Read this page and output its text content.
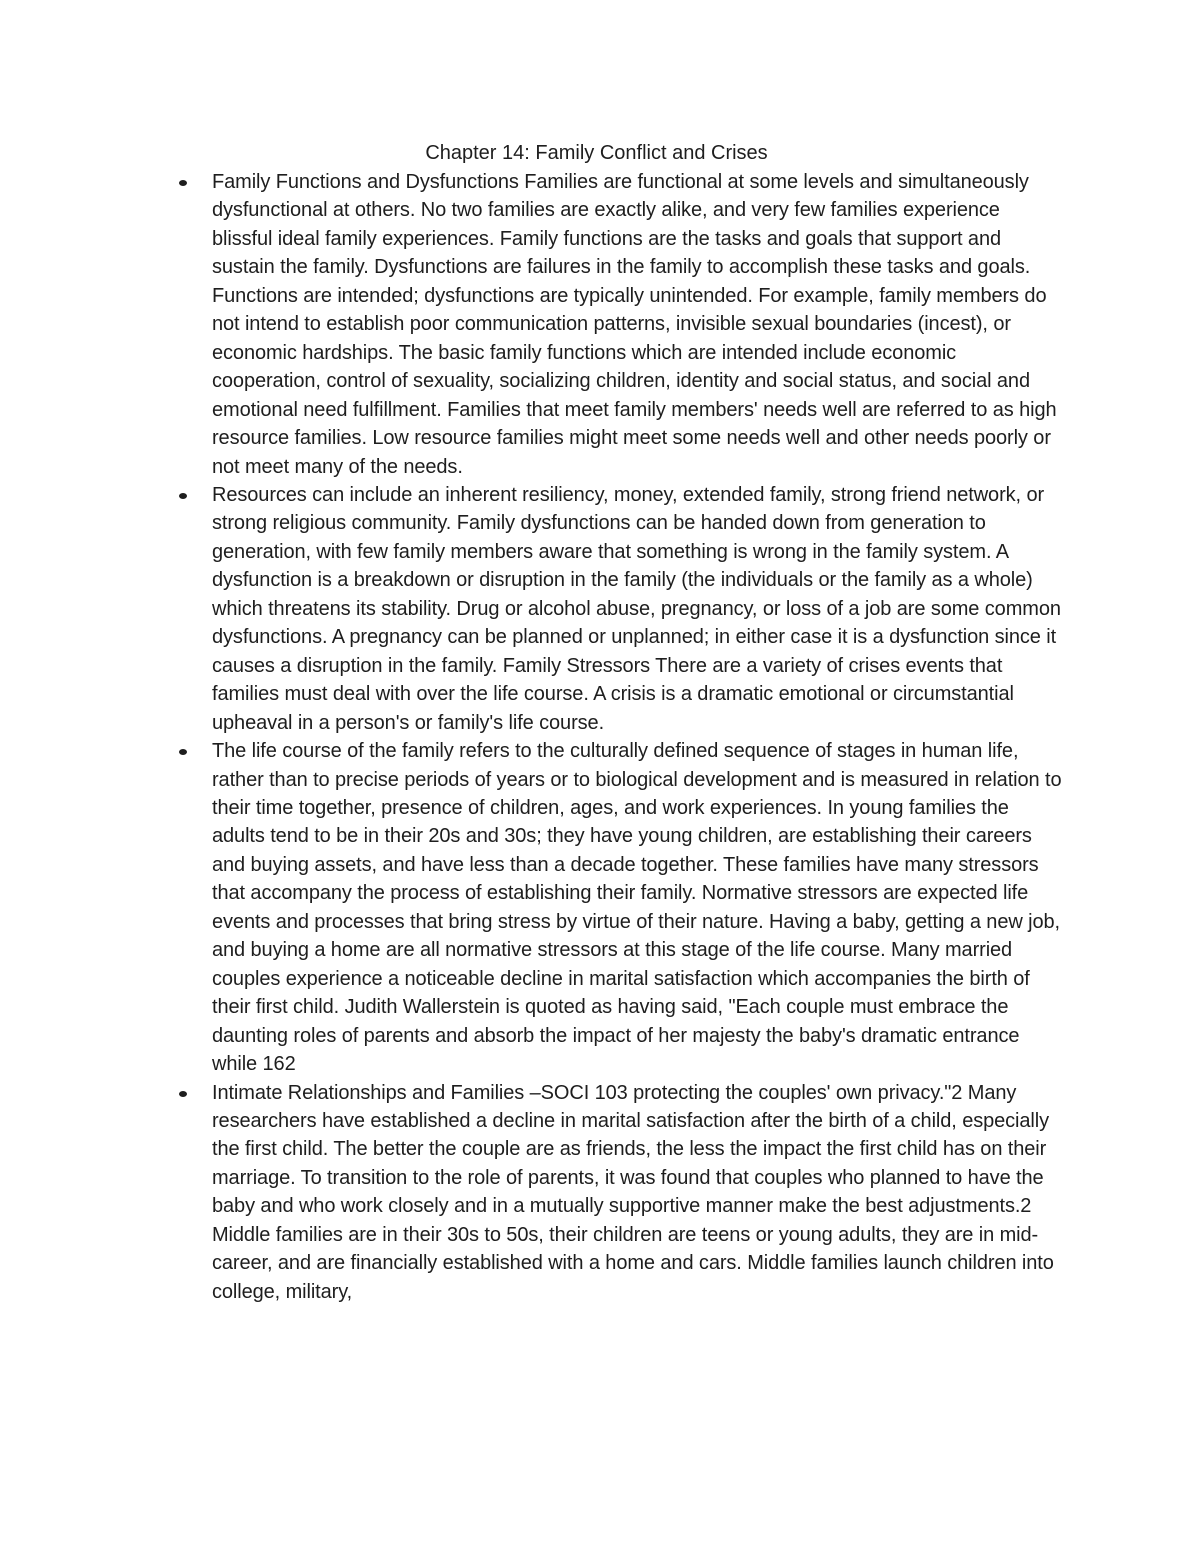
Chapter 14: Family Conflict and Crises
Family Functions and Dysfunctions Families are functional at some levels and simultaneously dysfunctional at others. No two families are exactly alike, and very few families experience blissful ideal family experiences. Family functions are the tasks and goals that support and sustain the family. Dysfunctions are failures in the family to accomplish these tasks and goals. Functions are intended; dysfunctions are typically unintended. For example, family members do not intend to establish poor communication patterns, invisible sexual boundaries (incest), or economic hardships. The basic family functions which are intended include economic cooperation, control of sexuality, socializing children, identity and social status, and social and emotional need fulfillment. Families that meet family members' needs well are referred to as high resource families. Low resource families might meet some needs well and other needs poorly or not meet many of the needs.
Resources can include an inherent resiliency, money, extended family, strong friend network, or strong religious community. Family dysfunctions can be handed down from generation to generation, with few family members aware that something is wrong in the family system. A dysfunction is a breakdown or disruption in the family (the individuals or the family as a whole) which threatens its stability. Drug or alcohol abuse, pregnancy, or loss of a job are some common dysfunctions. A pregnancy can be planned or unplanned; in either case it is a dysfunction since it causes a disruption in the family. Family Stressors There are a variety of crises events that families must deal with over the life course. A crisis is a dramatic emotional or circumstantial upheaval in a person's or family's life course.
The life course of the family refers to the culturally defined sequence of stages in human life, rather than to precise periods of years or to biological development and is measured in relation to their time together, presence of children, ages, and work experiences. In young families the adults tend to be in their 20s and 30s; they have young children, are establishing their careers and buying assets, and have less than a decade together. These families have many stressors that accompany the process of establishing their family. Normative stressors are expected life events and processes that bring stress by virtue of their nature. Having a baby, getting a new job, and buying a home are all normative stressors at this stage of the life course. Many married couples experience a noticeable decline in marital satisfaction which accompanies the birth of their first child. Judith Wallerstein is quoted as having said, "Each couple must embrace the daunting roles of parents and absorb the impact of her majesty the baby's dramatic entrance while 162
Intimate Relationships and Families –SOCI 103 protecting the couples' own privacy."2 Many researchers have established a decline in marital satisfaction after the birth of a child, especially the first child. The better the couple are as friends, the less the impact the first child has on their marriage. To transition to the role of parents, it was found that couples who planned to have the baby and who work closely and in a mutually supportive manner make the best adjustments.2 Middle families are in their 30s to 50s, their children are teens or young adults, they are in mid-career, and are financially established with a home and cars. Middle families launch children into college, military,
